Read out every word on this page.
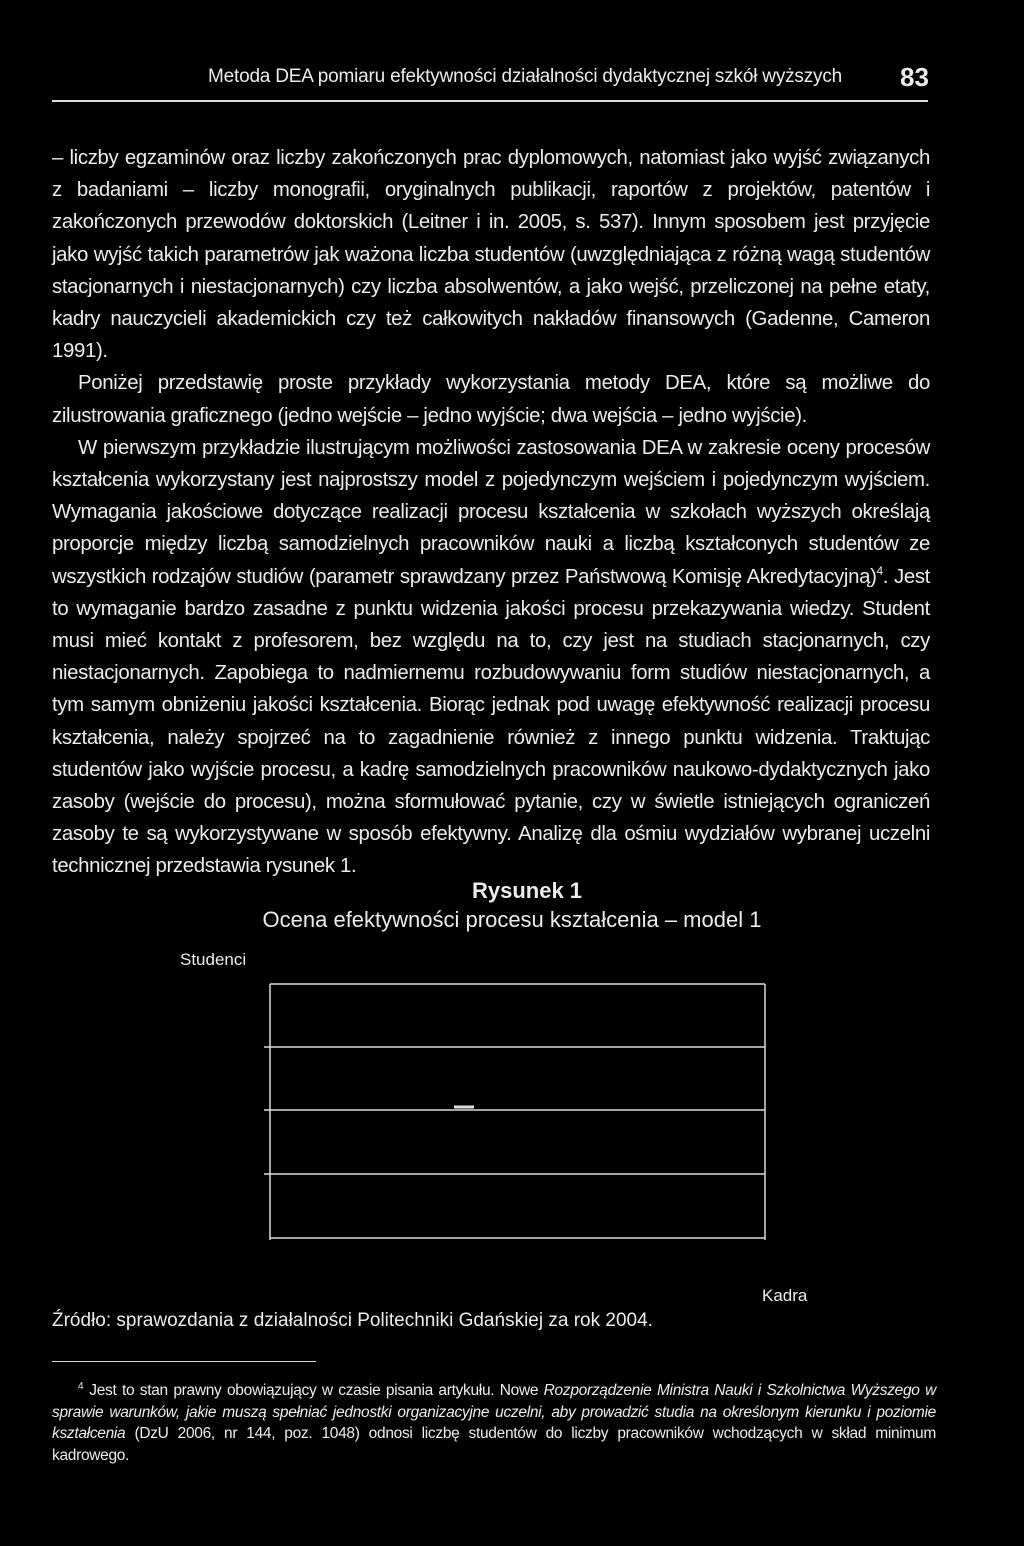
Metoda DEA pomiaru efektywności działalności dydaktycznej szkół wyższych 83

– liczby egzaminów oraz liczby zakończonych prac dyplomowych, natomiast jako wyjść związanych z badaniami – liczby monografii, oryginalnych publikacji, raportów z projektów, patentów i zakończonych przewodów doktorskich (Leitner i in. 2005, s. 537). Innym sposobem jest przyjęcie jako wyjść takich parametrów jak ważona liczba studentów (uwzględniająca z różną wagą studentów stacjonarnych i niestacjonarnych) czy liczba absolwentów, a jako wejść, przeliczonej na pełne etaty, kadry nauczycieli akademickich czy też całkowitych nakładów finansowych (Gadenne, Cameron 1991).

Poniżej przedstawię proste przykłady wykorzystania metody DEA, które są możliwe do zilustrowania graficznego (jedno wejście – jedno wyjście; dwa wejścia – jedno wyjście).

W pierwszym przykładzie ilustrującym możliwości zastosowania DEA w zakresie oceny procesów kształcenia wykorzystany jest najprostszy model z pojedynczym wejściem i pojedynczym wyjściem. Wymagania jakościowe dotyczące realizacji procesu kształcenia w szkołach wyższych określają proporcje między liczbą samodzielnych pracowników nauki a liczbą kształconych studentów ze wszystkich rodzajów studiów (parametr sprawdzany przez Państwową Komisję Akredytacyjną)$^4$. Jest to wymaganie bardzo zasadne z punktu widzenia jakości procesu przekazywania wiedzy. Student musi mieć kontakt z profesorem, bez względu na to, czy jest na studiach stacjonarnych, czy niestacjonarnych. Zapobiega to nadmiernemu rozbudowywaniu form studiów niestacjonarnych, a tym samym obniżeniu jakości kształcenia. Biorąc jednak pod uwagę efektywność realizacji procesu kształcenia, należy spojrzeć na to zagadnienie również z innego punktu widzenia. Traktując studentów jako wyjście procesu, a kadrę samodzielnych pracowników naukowo-dydaktycznych jako zasoby (wejście do procesu), można sformułować pytanie, czy w świetle istniejących ograniczeń zasoby te są wykorzystywane w sposób efektywny. Analizę dla ośmiu wydziałów wybranej uczelni technicznej przedstawia rysunek 1.

Rysunek 1
Ocena efektywności procesu kształcenia – model 1
Studenci
Kadra
Źródło: sprawozdania z działalności Politechniki Gdańskiej za rok 2004.

$^4$ Jest to stan prawny obowiązujący w czasie pisania artykułu. Nowe Rozporządzenie Ministra Nauki i Szkolnictwa Wyższego w sprawie warunków, jakie muszą spełniać jednostki organizacyjne uczelni, aby prowadzić studia na określonym kierunku i poziomie kształcenia (DzU 2006, nr 144, poz. 1048) odnosi liczbę studentów do liczby pracowników wchodzących w skład minimum kadrowego.
